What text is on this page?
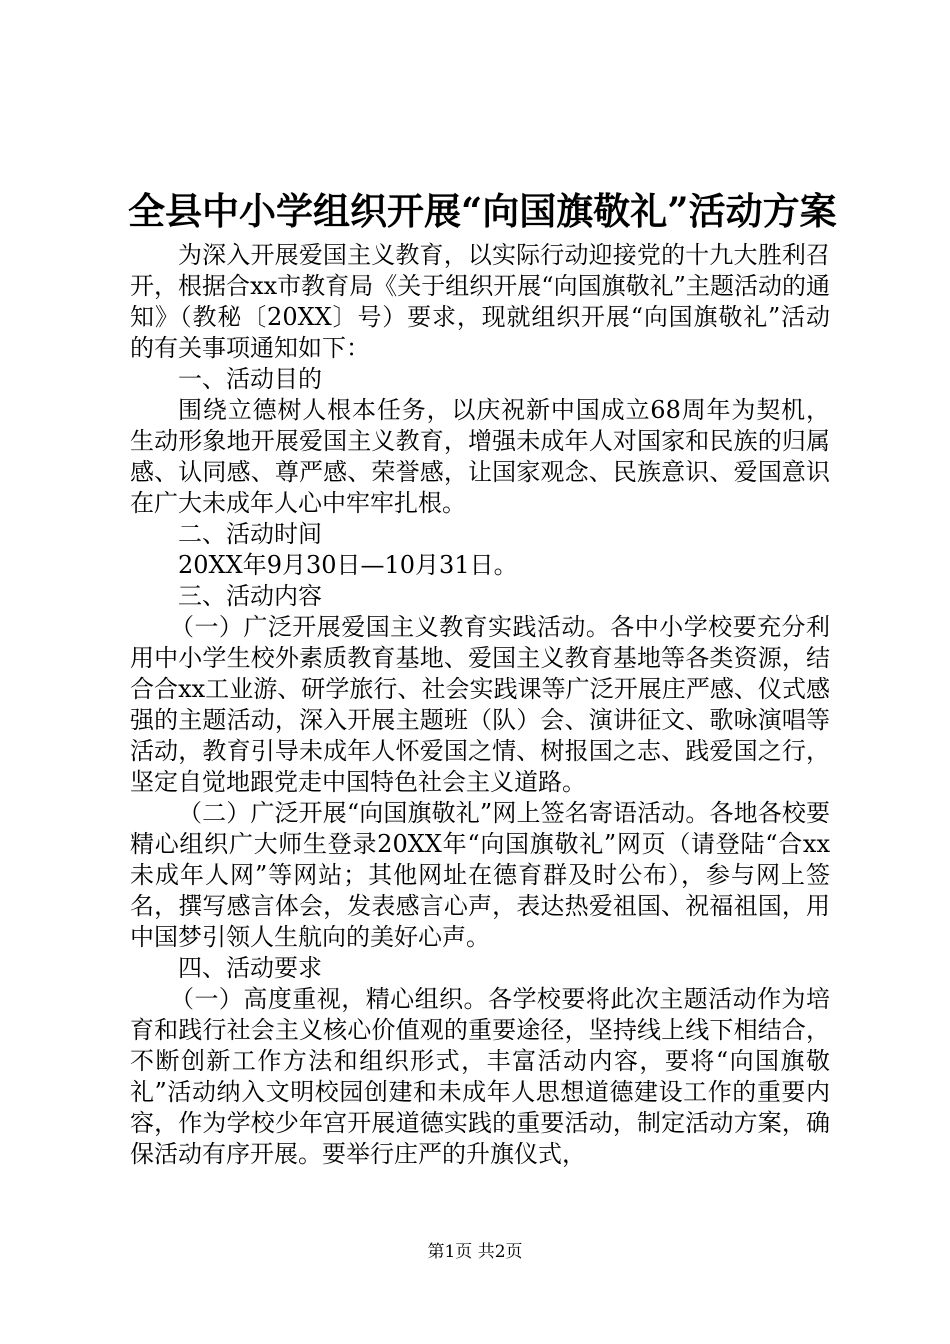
全县中小学组织开展“向国旗敬礼”活动方案

为深入开展爱国主义教育，以实际行动迎接党的十九大胜利召开，根据合xx市教育局《关于组织开展“向国旗敬礼”主题活动的通知》（教秘〔20XX〕号）要求，现就组织开展“向国旗敬礼”活动的有关事项通知如下：

一、活动目的

围绕立德树人根本任务，以庆祝新中国成立68周年为契机，生动形象地开展爱国主义教育，增强未成年人对国家和民族的归属感、认同感、尊严感、荣誉感，让国家观念、民族意识、爱国意识在广大未成年人心中牢牢扎根。

二、活动时间

20XX年9月30日—10月31日。

三、活动内容

（一）广泛开展爱国主义教育实践活动。各中小学校要充分利用中小学生校外素质教育基地、爱国主义教育基地等各类资源，结合合xx工业游、研学旅行、社会实践课等广泛开展庄严感、仪式感强的主题活动，深入开展主题班（队）会、演讲征文、歌咏演唱等活动，教育引导未成年人怀爱国之情、树报国之志、践爱国之行，坚定自觉地跟党走中国特色社会主义道路。

（二）广泛开展“向国旗敬礼”网上签名寄语活动。各地各校要精心组织广大师生登录20XX年“向国旗敬礼”网页（请登陆“合xx未成年人网”等网站；其他网址在德育群及时公布），参与网上签名，撰写感言体会，发表感言心声，表达热爱祖国、祝福祖国，用中国梦引领人生航向的美好心声。

四、活动要求

（一）高度重视，精心组织。各学校要将此次主题活动作为培育和践行社会主义核心价值观的重要途径，坚持线上线下相结合，不断创新工作方法和组织形式，丰富活动内容，要将“向国旗敬礼”活动纳入文明校园创建和未成年人思想道德建设工作的重要内容，作为学校少年宫开展道德实践的重要活动，制定活动方案，确保活动有序开展。要举行庄严的升旗仪式，

第1页 共2页
